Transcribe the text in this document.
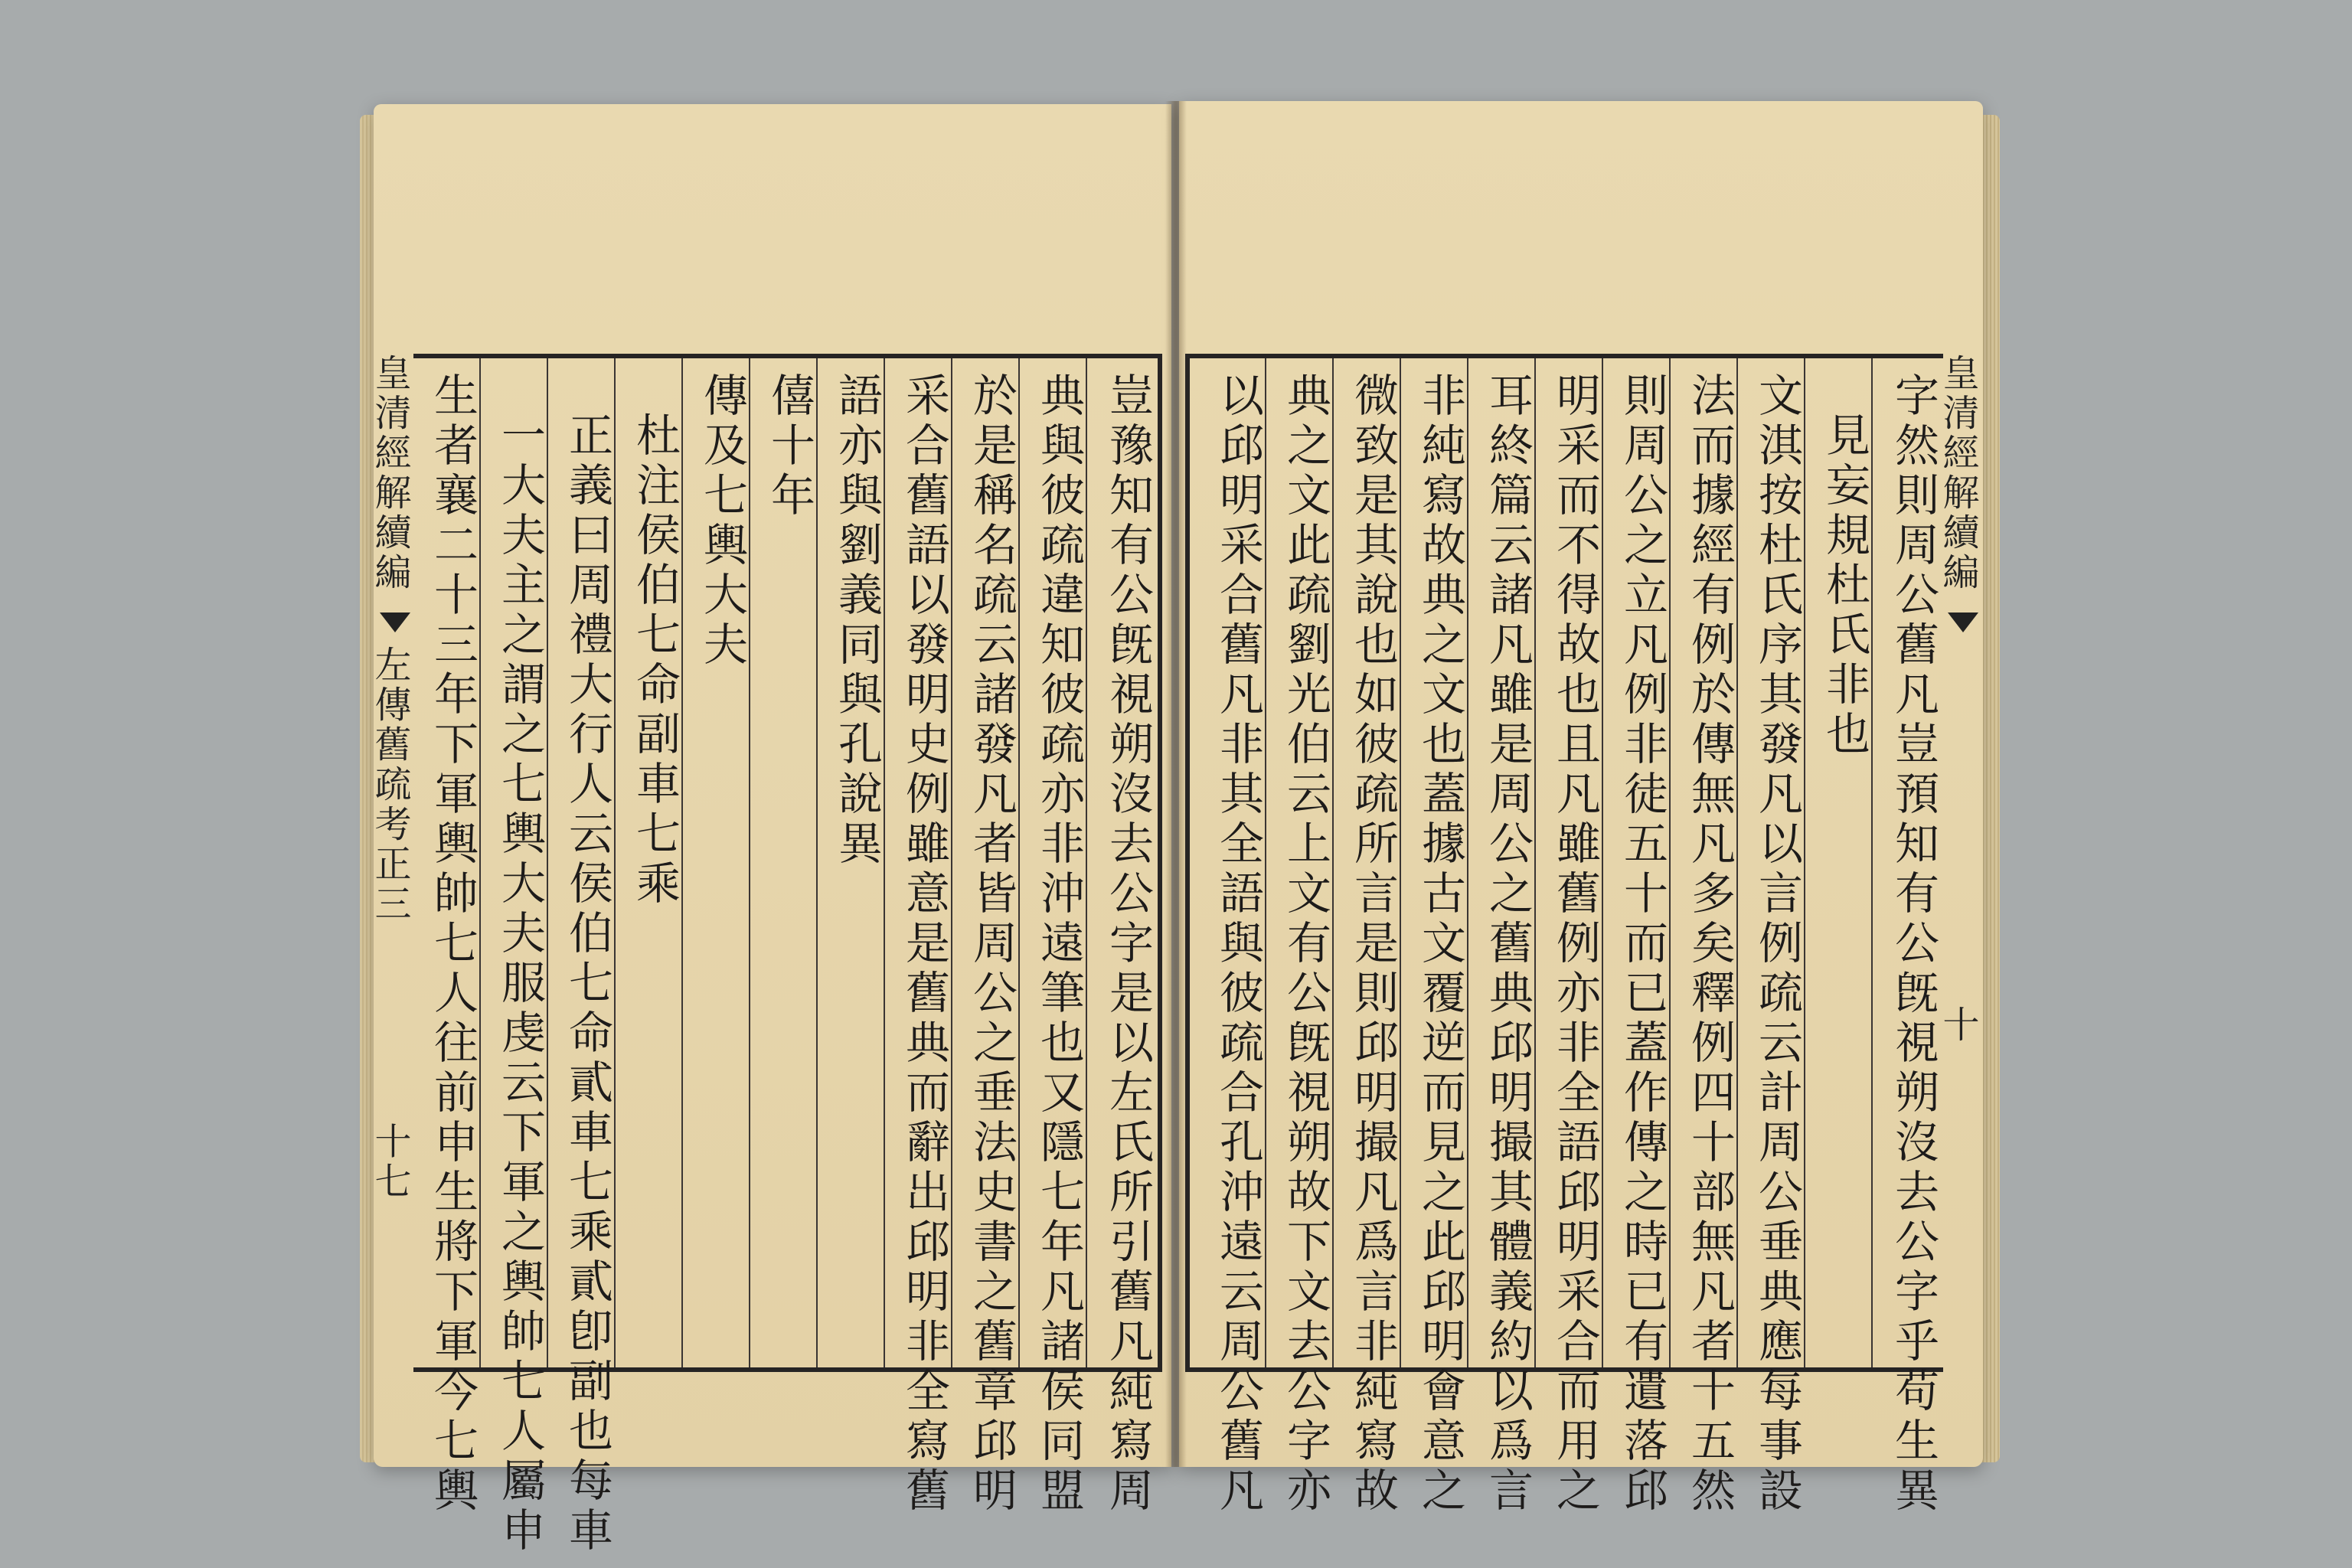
皇清經解續編  左傳舊疏考正三  十七	豈豫知有公旣視朔沒去公字是以左氏所引舊凡純寫周
典與彼疏違知彼疏亦非沖遠筆也又隱七年凡諸侯同盟
於是稱名疏云諸發凡者皆周公之垂法史書之舊章邱明
采合舊語以發明史例雖意是舊典而辭出邱明非全寫舊
語亦與劉義同與孔說異
僖十年
傳及七輿大夫
杜注侯伯七命副車七乘
正義曰周禮大行人云侯伯七命貳車七乘貳卽副也每車
一大夫主之謂之七輿大夫服虔云下軍之輿帥七人屬申
生者襄二十三年下軍輿帥七人往前申生將下軍今七輿	字然則周公舊凡豈預知有公旣視朔沒去公字乎苟生異
見妄規杜氏非也
文淇按杜氏序其發凡以言例疏云計周公垂典應每事設
法而據經有例於傳無凡多矣釋例四十部無凡者十五然
則周公之立凡例非徒五十而已蓋作傳之時已有遺落邱
明采而不得故也且凡雖舊例亦非全語邱明采合而用之
耳終篇云諸凡雖是周公之舊典邱明撮其體義約以爲言
非純寫故典之文也蓋據古文覆逆而見之此邱明會意之
微致是其說也如彼疏所言是則邱明撮凡爲言非純寫故
典之文此疏劉光伯云上文有公旣視朔故下文去公字亦
以邱明采合舊凡非其全語與彼疏合孔沖遠云周公舊凡	皇清經解續編  十
